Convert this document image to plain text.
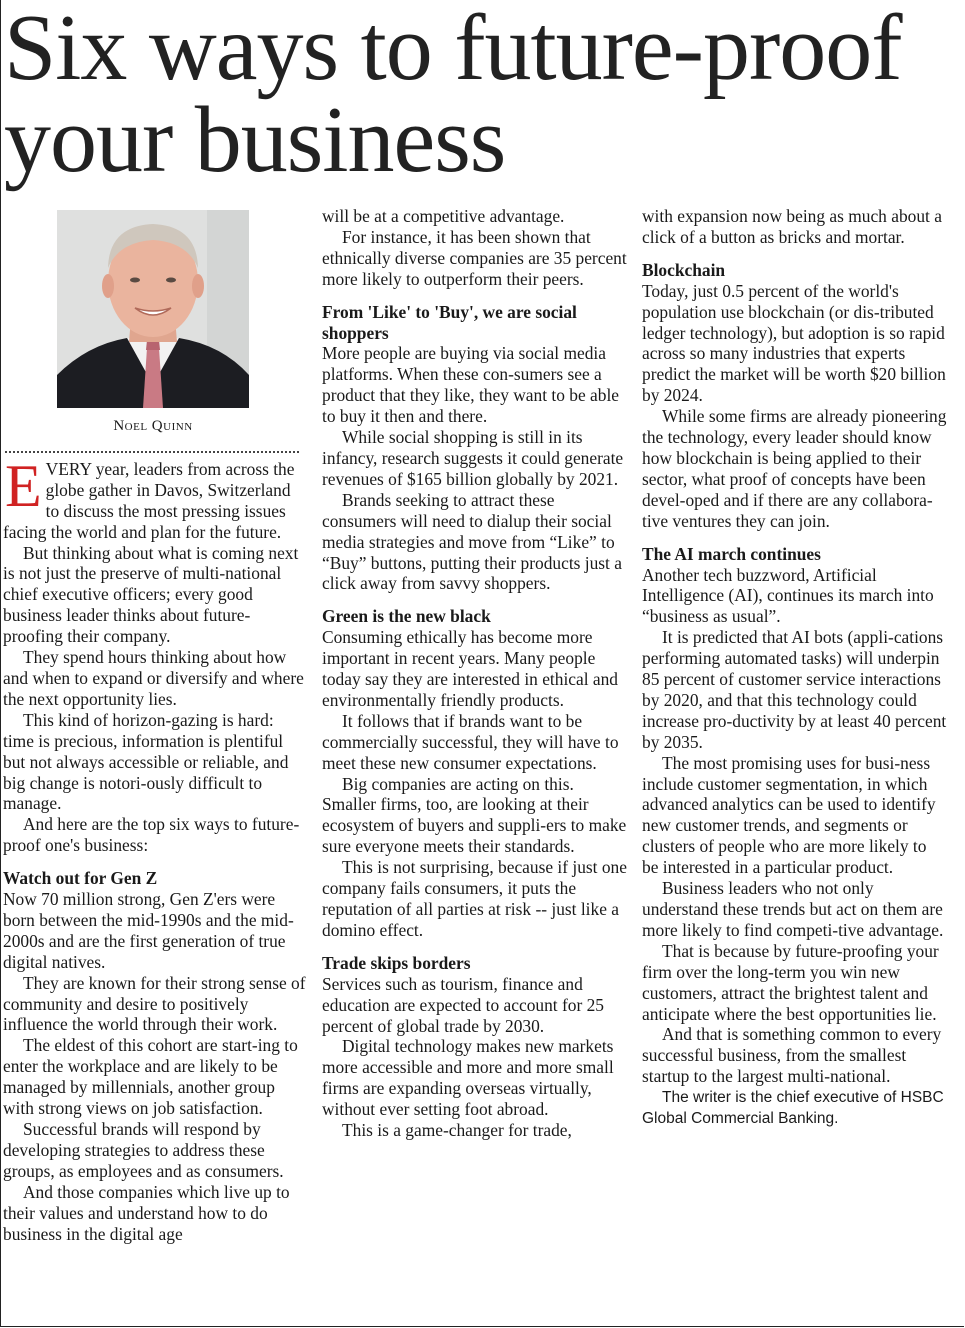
Six ways to future-proof your business
Noel Quinn

EVERY year, leaders from across the globe gather in Davos, Switzerland to discuss the most pressing issues facing the world and plan for the future.

But thinking about what is coming next is not just the preserve of multi-national chief executive officers; every good business leader thinks about future-proofing their company.

They spend hours thinking about how and when to expand or diversify and where the next opportunity lies.

This kind of horizon-gazing is hard: time is precious, information is plentiful but not always accessible or reliable, and big change is notori-ously difficult to manage.

And here are the top six ways to future-proof one's business:

Watch out for Gen Z

Now 70 million strong, Gen Z'ers were born between the mid-1990s and the mid-2000s and are the first generation of true digital natives.

They are known for their strong sense of community and desire to positively influence the world through their work.

The eldest of this cohort are start-ing to enter the workplace and are likely to be managed by millennials, another group with strong views on job satisfaction.

Successful brands will respond by developing strategies to address these groups, as employees and as consumers.

And those companies which live up to their values and understand how to do business in the digital age

will be at a competitive advantage.

For instance, it has been shown that ethnically diverse companies are 35 percent more likely to outperform their peers.

From 'Like' to 'Buy', we are social shoppers

More people are buying via social media platforms. When these con-sumers see a product that they like, they want to be able to buy it then and there.

While social shopping is still in its infancy, research suggests it could generate revenues of $165 billion globally by 2021.

Brands seeking to attract these consumers will need to dialup their social media strategies and move from “Like” to “Buy” buttons, putting their products just a click away from savvy shoppers.

Green is the new black

Consuming ethically has become more important in recent years. Many people today say they are interested in ethical and environmentally friendly products.

It follows that if brands want to be commercially successful, they will have to meet these new consumer expectations.

Big companies are acting on this. Smaller firms, too, are looking at their ecosystem of buyers and suppli-ers to make sure everyone meets their standards.

This is not surprising, because if just one company fails consumers, it puts the reputation of all parties at risk -- just like a domino effect.

Trade skips borders

Services such as tourism, finance and education are expected to account for 25 percent of global trade by 2030.

Digital technology makes new markets more accessible and more and more small firms are expanding overseas virtually, without ever setting foot abroad.

This is a game-changer for trade,

with expansion now being as much about a click of a button as bricks and mortar.

Blockchain

Today, just 0.5 percent of the world's population use blockchain (or dis-tributed ledger technology), but adoption is so rapid across so many industries that experts predict the market will be worth $20 billion by 2024.

While some firms are already pioneering the technology, every leader should know how blockchain is being applied to their sector, what proof of concepts have been devel-oped and if there are any collabora-tive ventures they can join.

The AI march continues

Another tech buzzword, Artificial Intelligence (AI), continues its march into “business as usual”.

It is predicted that AI bots (appli-cations performing automated tasks) will underpin 85 percent of customer service interactions by 2020, and that this technology could increase pro-ductivity by at least 40 percent by 2035.

The most promising uses for busi-ness include customer segmentation, in which advanced analytics can be used to identify new customer trends, and segments or clusters of people who are more likely to be interested in a particular product.

Business leaders who not only understand these trends but act on them are more likely to find competi-tive advantage.

That is because by future-proofing your firm over the long-term you win new customers, attract the brightest talent and anticipate where the best opportunities lie.

And that is something common to every successful business, from the smallest startup to the largest multi-national.

The writer is the chief executive of HSBC Global Commercial Banking.
